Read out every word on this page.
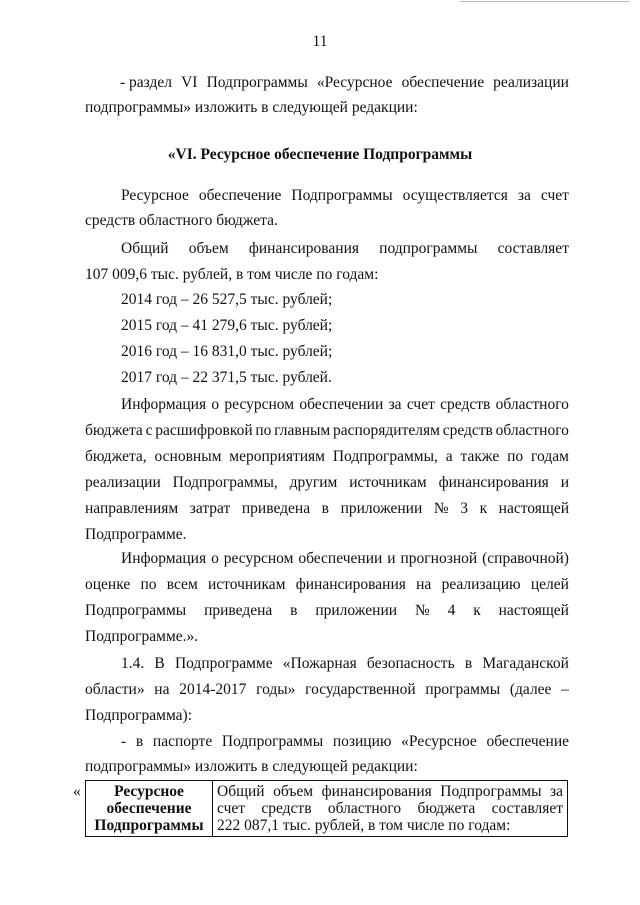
11
- раздел VI Подпрограммы «Ресурсное обеспечение реализации
подпрограммы» изложить в следующей редакции:
«VI. Ресурсное обеспечение Подпрограммы
Ресурсное обеспечение Подпрограммы осуществляется за счет
средств областного бюджета.
Общий объем финансирования подпрограммы составляет
107 009,6 тыс. рублей, в том числе по годам:
2014 год – 26 527,5 тыс. рублей;
2015 год – 41 279,6 тыс. рублей;
2016 год – 16 831,0 тыс. рублей;
2017 год – 22 371,5 тыс. рублей.
Информация о ресурсном обеспечении за счет средств областного
бюджета с расшифровкой по главным распорядителям средств областного
бюджета, основным мероприятиям Подпрограммы, а также по годам
реализации Подпрограммы, другим источникам финансирования и
направлениям затрат приведена в приложении № 3 к настоящей
Подпрограмме.
Информация о ресурсном обеспечении и прогнозной (справочной)
оценке по всем источникам финансирования на реализацию целей
Подпрограммы приведена в приложении № 4 к настоящей
Подпрограмме.».
1.4. В Подпрограмме «Пожарная безопасность в Магаданской
области» на 2014-2017 годы» государственной программы (далее –
Подпрограмма):
- в паспорте Подпрограммы позицию «Ресурсное обеспечение
подпрограммы» изложить в следующей редакции:
«	Ресурсное
обеспечение
Подпрограммы

Общий объем финансирования Подпрограммы за
счет средств областного бюджета составляет
222 087,1 тыс. рублей, в том числе по годам:
